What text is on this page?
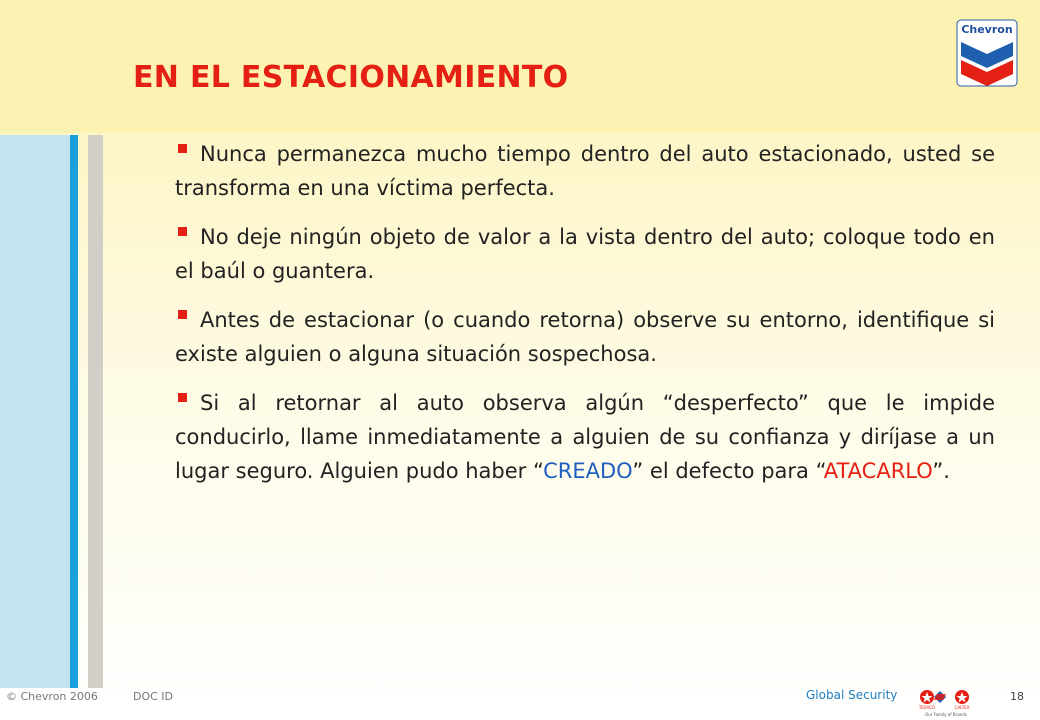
EN EL ESTACIONAMIENTO
Chevron

Nunca permanezca mucho tiempo dentro del auto estacionado, usted se transforma en una víctima perfecta.

No deje ningún objeto de valor a la vista dentro del auto; coloque todo en el baúl o guantera.

Antes de estacionar (o cuando retorna) observe su entorno, identifique si existe alguien o alguna situación sospechosa.

Si al retornar al auto observa algún “desperfecto” que le impide conducirlo, llame inmediatamente a alguien de su confianza y diríjase a un lugar seguro. Alguien pudo haber “CREADO” el defecto para “ATACARLO”.

© Chevron 2006	DOC ID	Global Security
TEXACO	CALTEX
Our Family of Brands
18
